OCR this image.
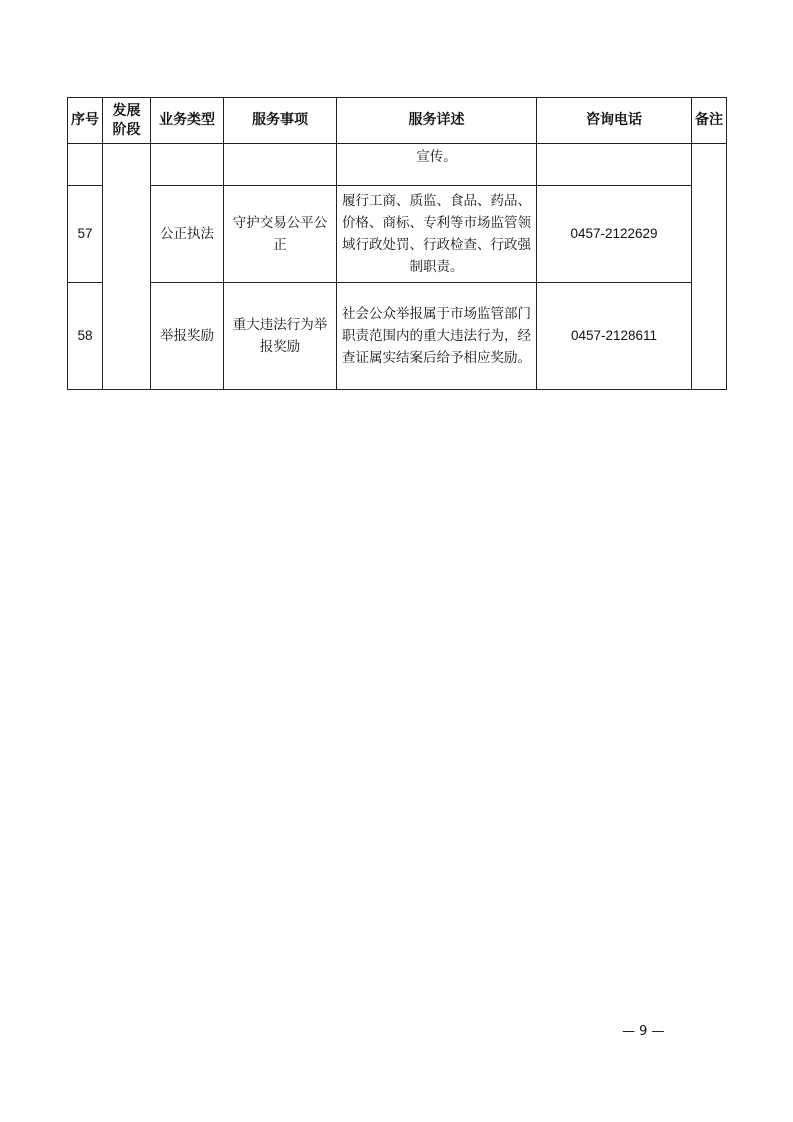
序号	发展阶段	业务类型	服务事项	服务详述	咨询电话	备注
				宣传。		
57		公正执法	守护交易公平公正	履行工商、质监、食品、药品、价格、商标、专利等市场监管领域行政处罚、行政检查、行政强制职责。	0457-2122629	
58		举报奖励	重大违法行为举报奖励	社会公众举报属于市场监管部门职责范围内的重大违法行为，经查证属实结案后给予相应奖励。	0457-2128611	
— 9 —
